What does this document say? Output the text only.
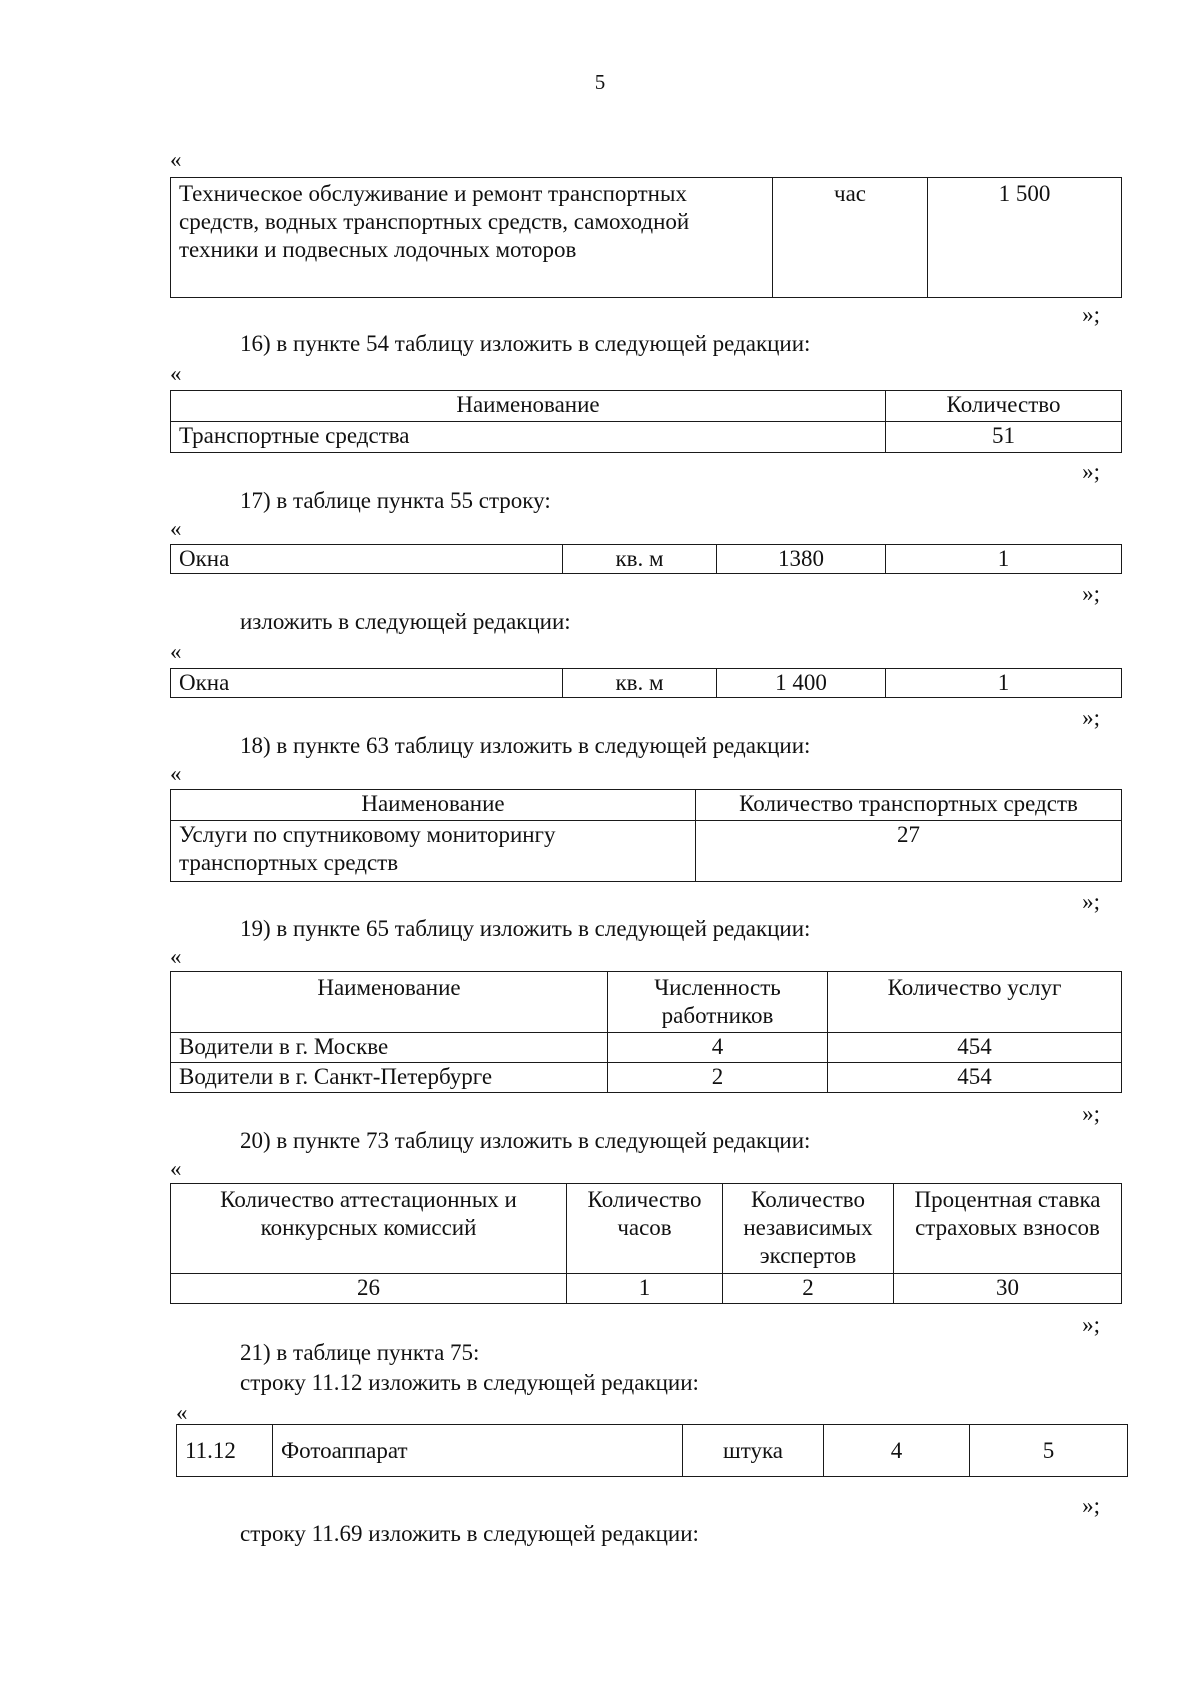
5
«
Техническое обслуживание и ремонт транспортных средств, водных транспортных средств, самоходной техники и подвесных лодочных моторов	час	1 500
»;
16) в пункте 54 таблицу изложить в следующей редакции:
«
Наименование	Количество
Транспортные средства	51
»;
17) в таблице пункта 55 строку:
«
Окна	кв. м	1380	1
»;
изложить в следующей редакции:
«
Окна	кв. м	1 400	1
»;
18) в пункте 63 таблицу изложить в следующей редакции:
«
Наименование	Количество транспортных средств
Услуги по спутниковому мониторингу транспортных средств	27
»;
19) в пункте 65 таблицу изложить в следующей редакции:
«
Наименование	Численность работников	Количество услуг
Водители в г. Москве	4	454
Водители в г. Санкт-Петербурге	2	454
»;
20) в пункте 73 таблицу изложить в следующей редакции:
«
Количество аттестационных и конкурсных комиссий	Количество часов	Количество независимых экспертов	Процентная ставка страховых взносов
26	1	2	30
»;
21) в таблице пункта 75:
строку 11.12 изложить в следующей редакции:
«
11.12	Фотоаппарат	штука	4	5
»;
строку 11.69 изложить в следующей редакции:
